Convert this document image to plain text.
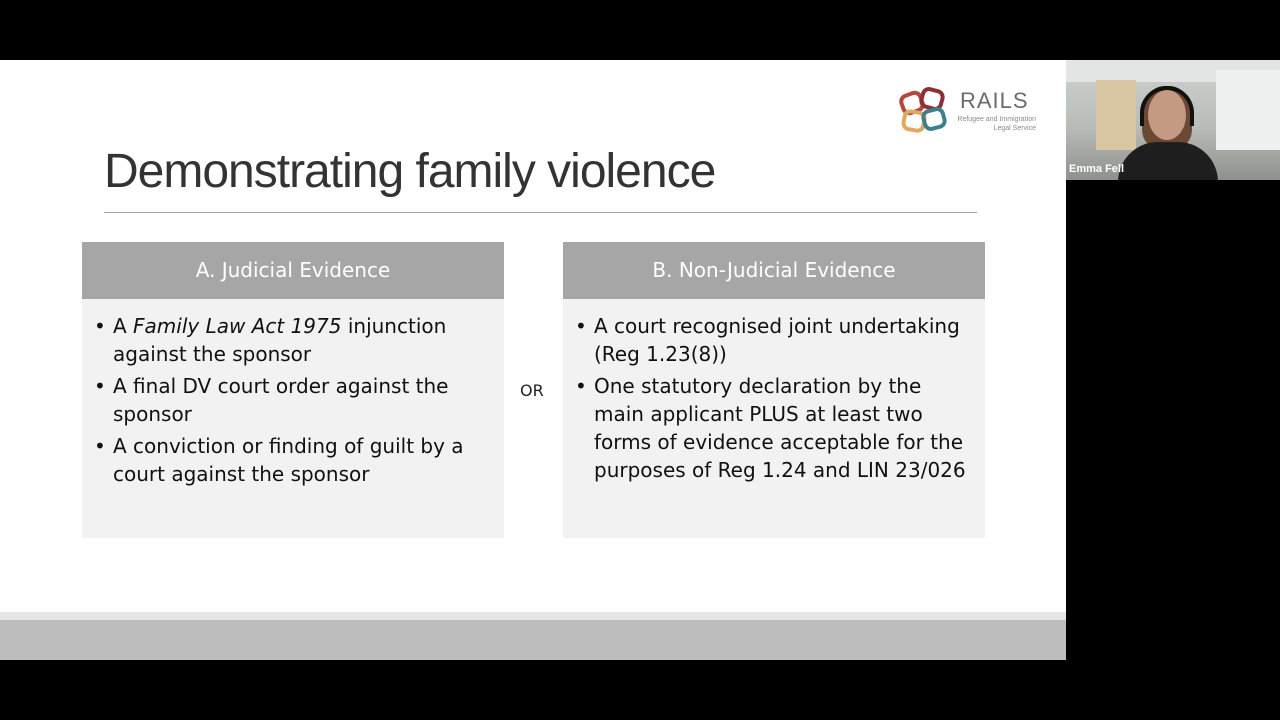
RAILS
Refugee and Immigration
Legal Service
Demonstrating family violence
A. Judicial Evidence
• A Family Law Act 1975 injunction against the sponsor
• A final DV court order against the sponsor
• A conviction or finding of guilt by a court against the sponsor
OR
B. Non-Judicial Evidence
• A court recognised joint undertaking (Reg 1.23(8))
• One statutory declaration by the main applicant PLUS at least two forms of evidence acceptable for the purposes of Reg 1.24 and LIN 23/026
Emma Fell
